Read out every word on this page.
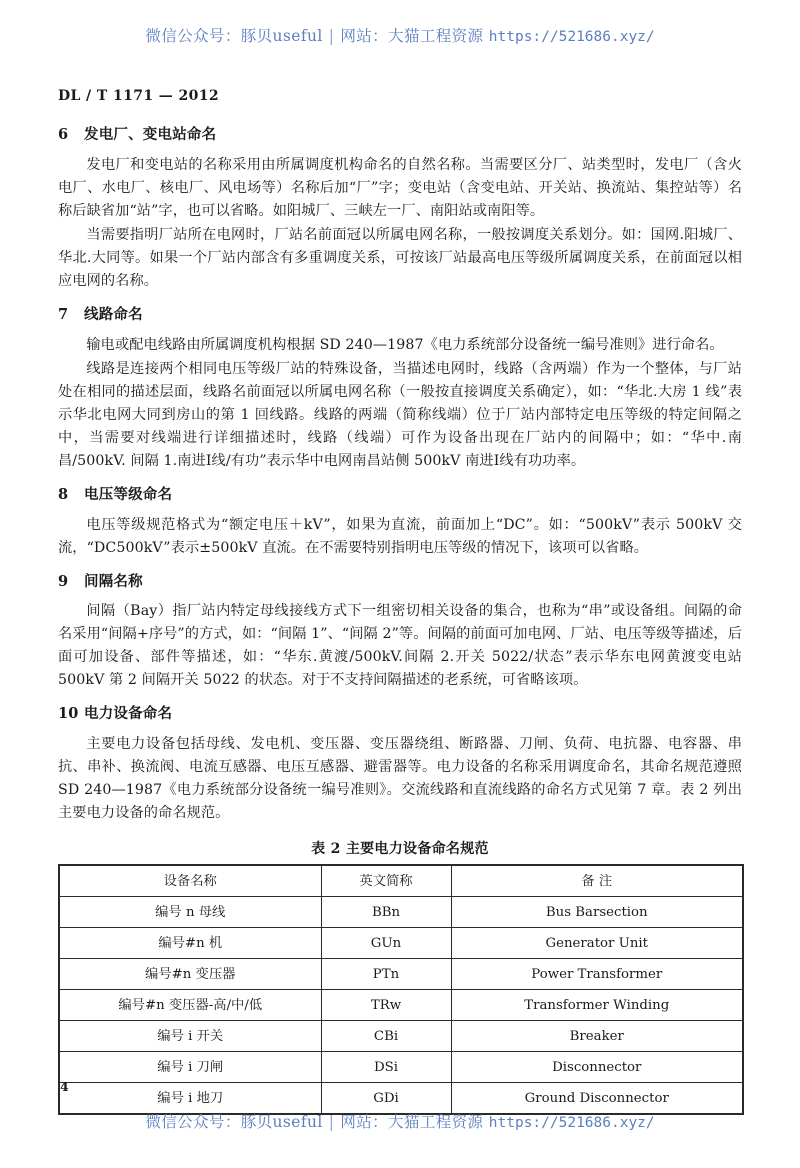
微信公众号：豚贝useful | 网站：大猫工程资源 https://521686.xyz/
DL / T 1171 — 2012
6 发电厂、变电站命名

发电厂和变电站的名称采用由所属调度机构命名的自然名称。当需要区分厂、站类型时，发电厂（含火电厂、水电厂、核电厂、风电场等）名称后加“厂”字；变电站（含变电站、开关站、换流站、集控站等）名称后缺省加“站”字，也可以省略。如阳城厂、三峡左一厂、南阳站或南阳等。

当需要指明厂站所在电网时，厂站名前面冠以所属电网名称，一般按调度关系划分。如：国网.阳城厂、华北.大同等。如果一个厂站内部含有多重调度关系，可按该厂站最高电压等级所属调度关系，在前面冠以相应电网的名称。

7 线路命名

输电或配电线路由所属调度机构根据 SD 240—1987《电力系统部分设备统一编号准则》进行命名。

线路是连接两个相同电压等级厂站的特殊设备，当描述电网时，线路（含两端）作为一个整体，与厂站处在相同的描述层面，线路名前面冠以所属电网名称（一般按直接调度关系确定），如：“华北.大房 1 线”表示华北电网大同到房山的第 1 回线路。线路的两端（简称线端）位于厂站内部特定电压等级的特定间隔之中，当需要对线端进行详细描述时，线路（线端）可作为设备出现在厂站内的间隔中；如：“华中.南昌/500kV. 间隔 1.南进Ⅰ线/有功”表示华中电网南昌站侧 500kV 南进Ⅰ线有功功率。

8 电压等级命名

电压等级规范格式为“额定电压＋kV”，如果为直流，前面加上“DC”。如：“500kV”表示 500kV 交流，“DC500kV”表示±500kV 直流。在不需要特别指明电压等级的情况下，该项可以省略。

9 间隔名称

间隔（Bay）指厂站内特定母线接线方式下一组密切相关设备的集合，也称为“串”或设备组。间隔的命名采用“间隔+序号”的方式，如：“间隔 1”、“间隔 2”等。间隔的前面可加电网、厂站、电压等级等描述，后面可加设备、部件等描述，如：“华东.黄渡/500kV.间隔 2.开关 5022/状态”表示华东电网黄渡变电站 500kV 第 2 间隔开关 5022 的状态。对于不支持间隔描述的老系统，可省略该项。

10 电力设备命名

主要电力设备包括母线、发电机、变压器、变压器绕组、断路器、刀闸、负荷、电抗器、电容器、串抗、串补、换流阀、电流互感器、电压互感器、避雷器等。电力设备的名称采用调度命名，其命名规范遵照 SD 240—1987《电力系统部分设备统一编号准则》。交流线路和直流线路的命名方式见第 7 章。表 2 列出主要电力设备的命名规范。

表 2 主要电力设备命名规范
设备名称	英文简称	备 注
编号 n 母线	BBn	Bus Barsection
编号#n 机	GUn	Generator Unit
编号#n 变压器	PTn	Power Transformer
编号#n 变压器-高/中/低	TRw	Transformer Winding
编号 i 开关	CBi	Breaker
编号 i 刀闸	DSi	Disconnector
编号 i 地刀	GDi	Ground Disconnector
4
微信公众号：豚贝useful | 网站：大猫工程资源 https://521686.xyz/
